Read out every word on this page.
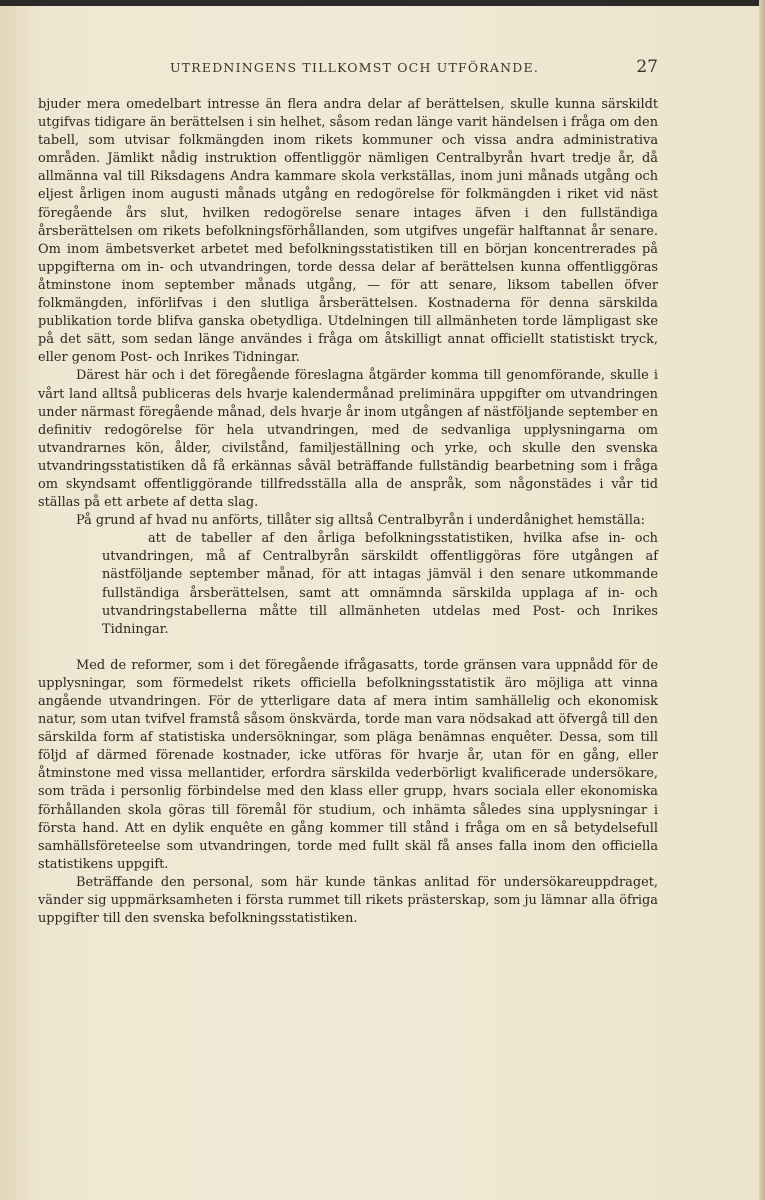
UTREDNINGENS TILLKOMST OCH UTFÖRANDE.	27

bjuder mera omedelbart intresse än flera andra delar af berättelsen, skulle kunna särskildt utgifvas tidigare än berättelsen i sin helhet, såsom redan länge varit händelsen i fråga om den tabell, som utvisar folkmängden inom rikets kommuner och vissa andra administrativa områden. Jämlikt nådig instruktion offentliggör nämligen Centralbyrån hvart tredje år, då allmänna val till Riksdagens Andra kammare skola verkställas, inom juni månads utgång och eljest årligen inom augusti månads utgång en redogörelse för folkmängden i riket vid näst föregående års slut, hvilken redogörelse senare intages äfven i den fullständiga årsberättelsen om rikets befolkningsförhållanden, som utgifves ungefär halftannat år senare. Om inom ämbetsverket arbetet med befolkningsstatistiken till en början koncentrerades på uppgifterna om in- och utvandringen, torde dessa delar af berättelsen kunna offentliggöras åtminstone inom september månads utgång, — för att senare, liksom tabellen öfver folkmängden, införlifvas i den slutliga årsberättelsen. Kostnaderna för denna särskilda publikation torde blifva ganska obetydliga. Utdelningen till allmänheten torde lämpligast ske på det sätt, som sedan länge användes i fråga om åtskilligt annat officiellt statistiskt tryck, eller genom Post- och Inrikes Tidningar.

Därest här och i det föregående föreslagna åtgärder komma till genomförande, skulle i vårt land alltså publiceras dels hvarje kalendermånad preliminära uppgifter om utvandringen under närmast föregående månad, dels hvarje år inom utgången af nästföljande september en definitiv redogörelse för hela utvandringen, med de sedvanliga upplysningarna om utvandrarnes kön, ålder, civilstånd, familjeställning och yrke, och skulle den svenska utvandringsstatistiken då få erkännas såväl beträffande fullständig bearbetning som i fråga om skyndsamt offentliggörande tillfredsställa alla de anspråk, som någonstädes i vår tid ställas på ett arbete af detta slag.

På grund af hvad nu anförts, tillåter sig alltså Centralbyrån i underdånighet hemställa:

att de tabeller af den årliga befolkningsstatistiken, hvilka afse in- och utvandringen, må af Centralbyrån särskildt offentliggöras före utgången af nästföljande september månad, för att intagas jämväl i den senare utkommande fullständiga årsberättelsen, samt att omnämnda särskilda upplaga af in- och utvandringstabellerna måtte till allmänheten utdelas med Post- och Inrikes Tidningar.

Med de reformer, som i det föregående ifrågasatts, torde gränsen vara uppnådd för de upplysningar, som förmedelst rikets officiella befolkningsstatistik äro möjliga att vinna angående utvandringen. För de ytterligare data af mera intim samhällelig och ekonomisk natur, som utan tvifvel framstå såsom önskvärda, torde man vara nödsakad att öfvergå till den särskilda form af statistiska undersökningar, som pläga benämnas enquêter. Dessa, som till följd af därmed förenade kostnader, icke utföras för hvarje år, utan för en gång, eller åtminstone med vissa mellantider, erfordra särskilda vederbörligt kvalificerade undersökare, som träda i personlig förbindelse med den klass eller grupp, hvars sociala eller ekonomiska förhållanden skola göras till föremål för studium, och inhämta således sina upplysningar i första hand. Att en dylik enquête en gång kommer till stånd i fråga om en så betydelsefull samhällsföreteelse som utvandringen, torde med fullt skäl få anses falla inom den officiella statistikens uppgift.

Beträffande den personal, som här kunde tänkas anlitad för undersökareuppdraget, vänder sig uppmärksamheten i första rummet till rikets prästerskap, som ju lämnar alla öfriga uppgifter till den svenska befolkningsstatistiken.
